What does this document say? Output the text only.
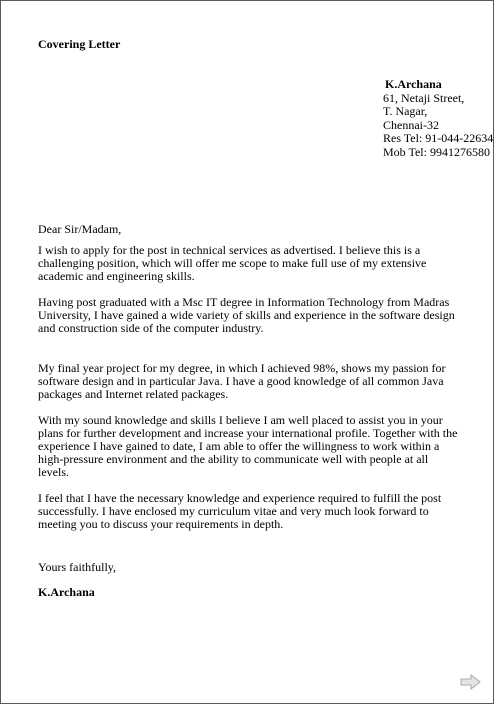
Covering Letter

K.Archana
61, Netaji Street,
T. Nagar,
Chennai-32
Res Tel: 91-044-22634
Mob Tel: 9941276580

Dear Sir/Madam,

I wish to apply for the post in technical services as advertised. I believe this is a challenging position, which will offer me scope to make full use of my extensive academic and engineering skills.

Having post graduated with a Msc IT degree in Information Technology from Madras University, I have gained a wide variety of skills and experience in the software design and construction side of the computer industry.

My final year project for my degree, in which I achieved 98%, shows my passion for software design and in particular Java. I have a good knowledge of all common Java packages and Internet related packages.

With my sound knowledge and skills I believe I am well placed to assist you in your plans for further development and increase your international profile. Together with the experience I have gained to date, I am able to offer the willingness to work within a high-pressure environment and the ability to communicate well with people at all levels.

I feel that I have the necessary knowledge and experience required to fulfill the post successfully. I have enclosed my curriculum vitae and very much look forward to meeting you to discuss your requirements in depth.

Yours faithfully,

K.Archana
